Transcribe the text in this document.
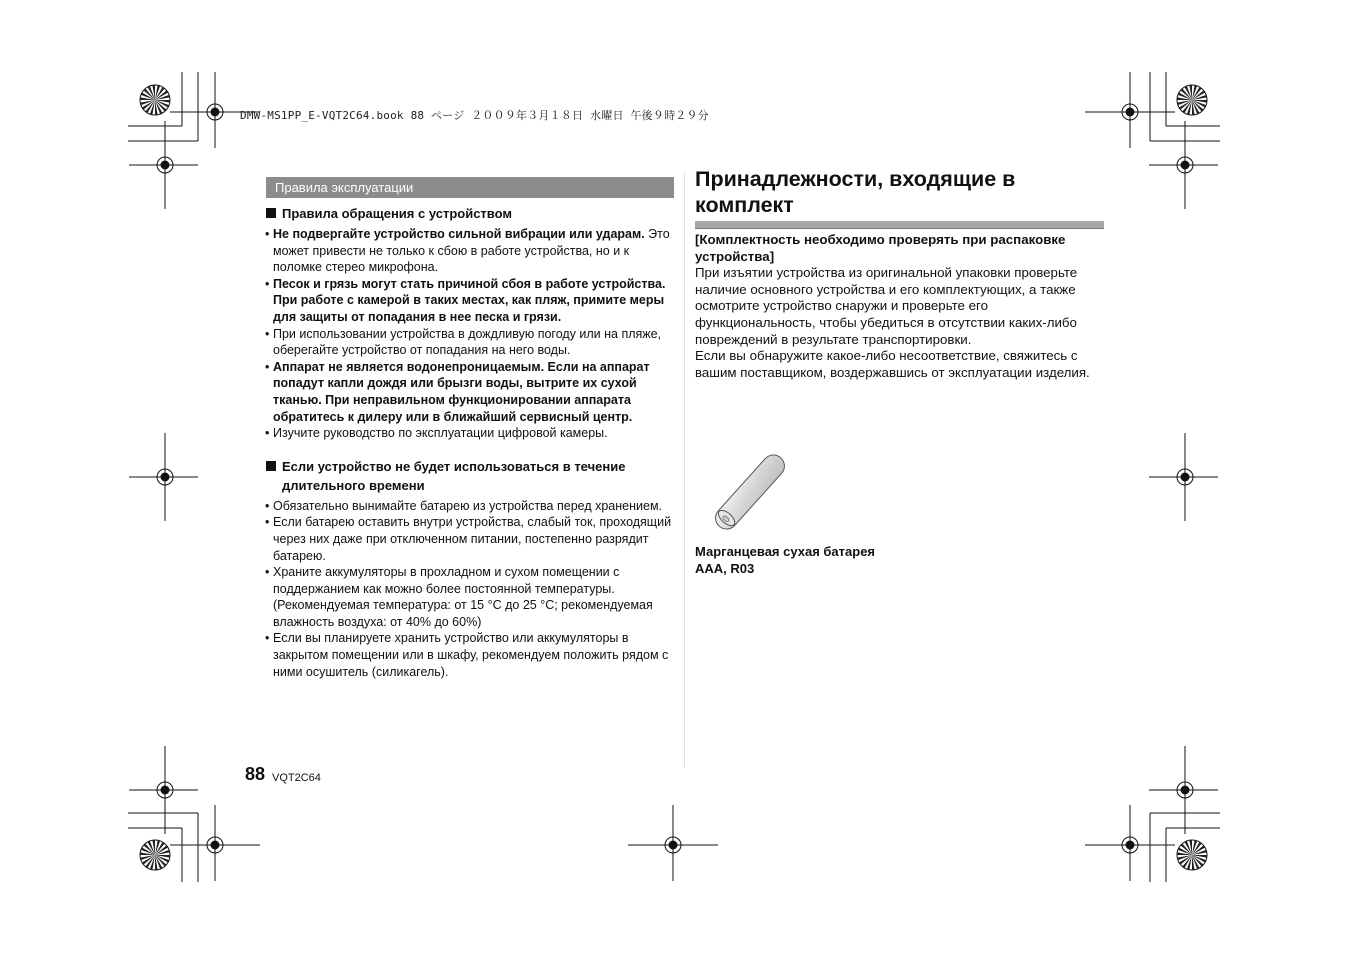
DMW-MS1PP_E-VQT2C64.book 88 ページ ２００９年３月１８日 水曜日 午後９時２９分
Правила эксплуатации
Правила обращения с устройством
• Не подвергайте устройство сильной вибрации или ударам. Это может привести не только к сбою в работе устройства, но и к поломке стерео микрофона.
• Песок и грязь могут стать причиной сбоя в работе устройства. При работе с камерой в таких местах, как пляж, примите меры для защиты от попадания в нее песка и грязи.
• При использовании устройства в дождливую погоду или на пляже, оберегайте устройство от попадания на него воды.
• Аппарат не является водонепроницаемым. Если на аппарат попадут капли дождя или брызги воды, вытрите их сухой тканью. При неправильном функционировании аппарата обратитесь к дилеру или в ближайший сервисный центр.
• Изучите руководство по эксплуатации цифровой камеры.
Если устройство не будет использоваться в течение длительного времени
• Обязательно вынимайте батарею из устройства перед хранением.
• Если батарею оставить внутри устройства, слабый ток, проходящий через них даже при отключенном питании, постепенно разрядит батарею.
• Храните аккумуляторы в прохладном и сухом помещении с поддержанием как можно более постоянной температуры. (Рекомендуемая температура: от 15 °C до 25 °C; рекомендуемая влажность воздуха: от 40% до 60%)
• Если вы планируете хранить устройство или аккумуляторы в закрытом помещении или в шкафу, рекомендуем положить рядом с ними осушитель (силикагель).
Принадлежности, входящие в комплект
[Комплектность необходимо проверять при распаковке устройства]
При изъятии устройства из оригинальной упаковки проверьте наличие основного устройства и его комплектующих, а также осмотрите устройство снаружи и проверьте его функциональность, чтобы убедиться в отсутствии каких-либо повреждений в результате транспортировки.
Если вы обнаружите какое-либо несоответствие, свяжитесь с вашим поставщиком, воздержавшись от эксплуатации изделия.
Марганцевая сухая батарея
AAA, R03
88 VQT2C64
